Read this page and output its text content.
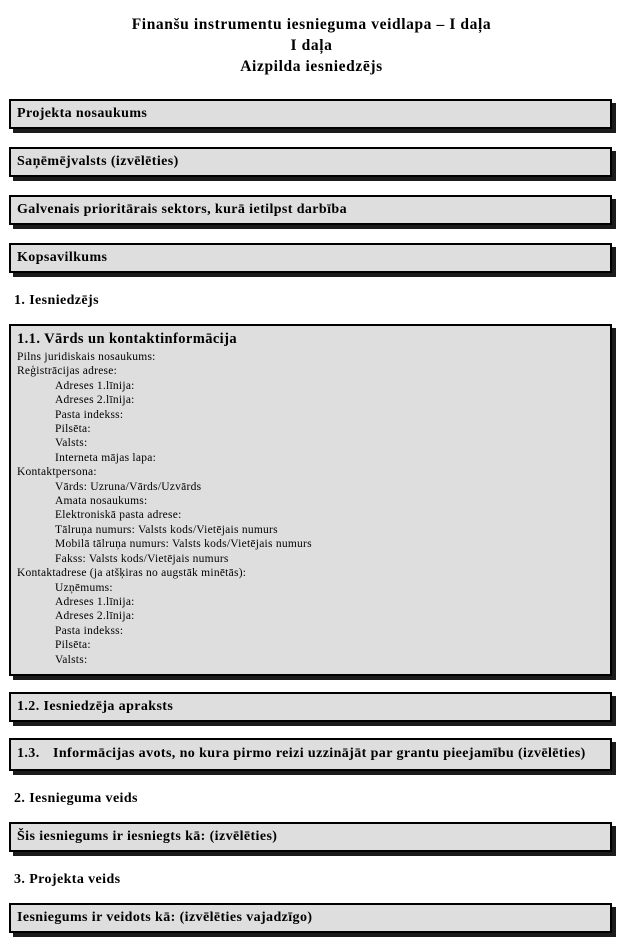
Finanšu instrumentu iesnieguma veidlapa – I daļa
I daļa
Aizpilda iesniedzējs
Projekta nosaukums
Saņēmējvalsts (izvēlēties)
Galvenais prioritārais sektors, kurā ietilpst darbība
Kopsavilkums
1. Iesniedzējs
1.1. Vārds un kontaktinformācija
Pilns juridiskais nosaukums:
Reģistrācijas adrese:
Adreses 1.līnija:
Adreses 2.līnija:
Pasta indekss:
Pilsēta:
Valsts:
Interneta mājas lapa:
Kontaktpersona:
Vārds: Uzruna/Vārds/Uzvārds
Amata nosaukums:
Elektroniskā pasta adrese:
Tālruņa numurs: Valsts kods/Vietējais numurs
Mobilā tālruņa numurs: Valsts kods/Vietējais numurs
Fakss: Valsts kods/Vietējais numurs
Kontaktadrese (ja atšķiras no augstāk minētās):
Uzņēmums:
Adreses 1.līnija:
Adreses 2.līnija:
Pasta indekss:
Pilsēta:
Valsts:
1.2. Iesniedzēja apraksts
1.3. Informācijas avots, no kura pirmo reizi uzzinājāt par grantu pieejamību (izvēlēties)
2. Iesnieguma veids
Šis iesniegums ir iesniegts kā: (izvēlēties)
3. Projekta veids
Iesniegums ir veidots kā: (izvēlēties vajadzīgo)
